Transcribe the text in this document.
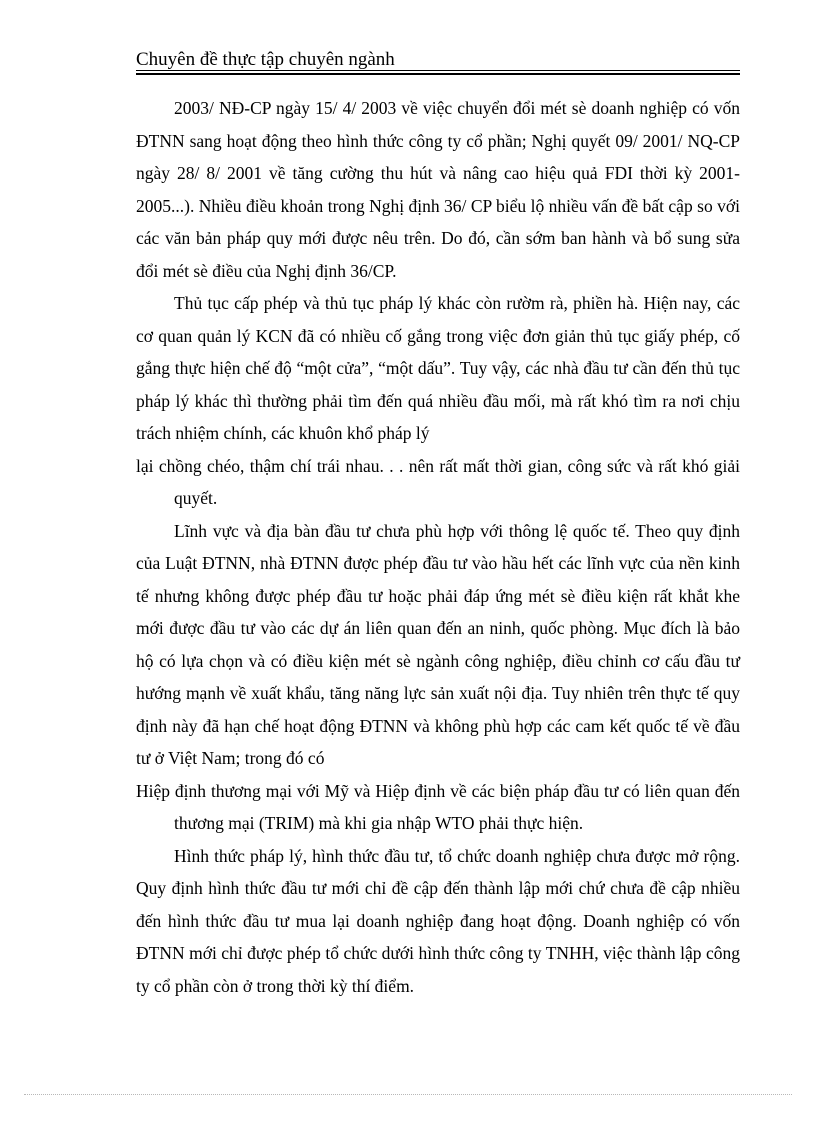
Chuyên đề thực tập chuyên ngành

2003/ NĐ-CP ngày 15/ 4/ 2003 về việc chuyển đổi mét sè doanh nghiệp có vốn ĐTNN sang hoạt động theo hình thức công ty cổ phần; Nghị quyết 09/ 2001/ NQ-CP ngày 28/ 8/ 2001 về tăng cường thu hút và nâng cao hiệu quả FDI thời kỳ 2001-2005...). Nhiều điều khoản trong Nghị định 36/ CP biểu lộ nhiều vấn đề bất cập so với các văn bản pháp quy mới được nêu trên. Do đó, cần sớm ban hành và bổ sung sửa đổi mét sè điều của Nghị định 36/CP.

Thủ tục cấp phép và thủ tục pháp lý khác còn rườm rà, phiền hà. Hiện nay, các cơ quan quản lý KCN đã có nhiều cố gắng trong việc đơn giản thủ tục giấy phép, cố gắng thực hiện chế độ “một cửa”, “một dấu”. Tuy vậy, các nhà đầu tư cần đến thủ tục pháp lý khác thì thường phải tìm đến quá nhiều đầu mối, mà rất khó tìm ra nơi chịu trách nhiệm chính, các khuôn khổ pháp lý

lại chồng chéo, thậm chí trái nhau. . . nên rất mất thời gian, công sức và rất khó giải quyết.

Lĩnh vực và địa bàn đầu tư chưa phù hợp với thông lệ quốc tế. Theo quy định của Luật ĐTNN, nhà ĐTNN được phép đầu tư vào hầu hết các lĩnh vực của nền kinh tế nhưng không được phép đầu tư hoặc phải đáp ứng mét sè điều kiện rất khắt khe mới được đầu tư vào các dự án liên quan đến an ninh, quốc phòng. Mục đích là bảo hộ có lựa chọn và có điều kiện mét sè ngành công nghiệp, điều chỉnh cơ cấu đầu tư hướng mạnh về xuất khẩu, tăng năng lực sản xuất nội địa. Tuy nhiên trên thực tế quy định này đã hạn chế hoạt động ĐTNN và không phù hợp các cam kết quốc tế về đầu tư ở Việt Nam; trong đó có

Hiệp định thương mại với Mỹ và Hiệp định về các biện pháp đầu tư có liên quan đến thương mại (TRIM) mà khi gia nhập WTO phải thực hiện.

Hình thức pháp lý, hình thức đầu tư, tổ chức doanh nghiệp chưa được mở rộng. Quy định hình thức đầu tư mới chỉ đề cập đến thành lập mới chứ chưa đề cập nhiều đến hình thức đầu tư mua lại doanh nghiệp đang hoạt động. Doanh nghiệp có vốn ĐTNN mới chỉ được phép tổ chức dưới hình thức công ty TNHH, việc thành lập công ty cổ phần còn ở trong thời kỳ thí điểm.
